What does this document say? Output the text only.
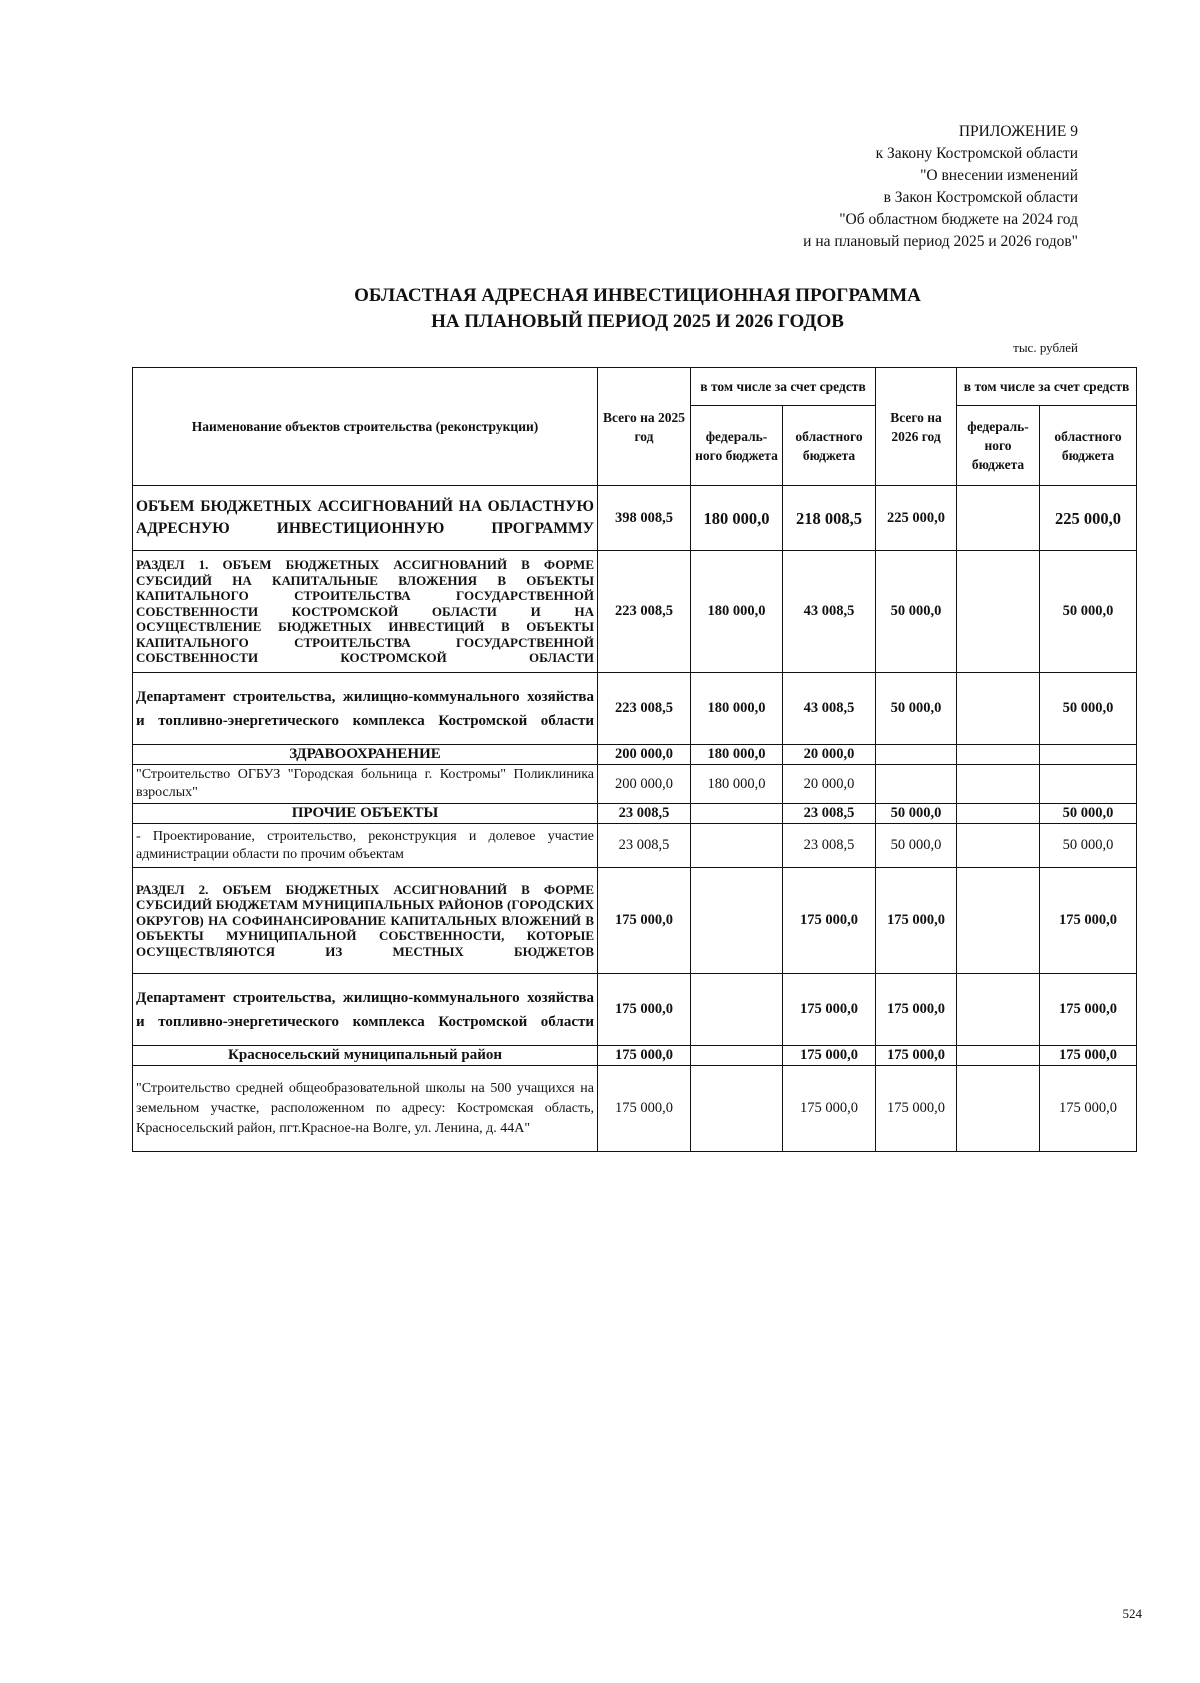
ПРИЛОЖЕНИЕ 9
к Закону Костромской области
"О внесении изменений
в Закон Костромской области
"Об областном бюджете на 2024 год
и на плановый период 2025 и 2026 годов"
ОБЛАСТНАЯ АДРЕСНАЯ ИНВЕСТИЦИОННАЯ ПРОГРАММА
НА ПЛАНОВЫЙ ПЕРИОД 2025 И 2026 ГОДОВ
тыс. рублей
Наименование объектов строительства (реконструкции)	Всего на 2025 год	в том числе за счет средств		Всего на 2026 год	в том числе за счет средств	
		федераль-ного бюджета	областного бюджета		федераль-ного бюджета	областного бюджета
ОБЪЕМ БЮДЖЕТНЫХ АССИГНОВАНИЙ НА ОБЛАСТНУЮ АДРЕСНУЮ ИНВЕСТИЦИОННУЮ ПРОГРАММУ	398 008,5	180 000,0	218 008,5	225 000,0		225 000,0
РАЗДЕЛ 1. ОБЪЕМ БЮДЖЕТНЫХ АССИГНОВАНИЙ В ФОРМЕ СУБСИДИЙ НА КАПИТАЛЬНЫЕ ВЛОЖЕНИЯ В ОБЪЕКТЫ КАПИТАЛЬНОГО СТРОИТЕЛЬСТВА ГОСУДАРСТВЕННОЙ СОБСТВЕННОСТИ КОСТРОМСКОЙ ОБЛАСТИ И НА ОСУЩЕСТВЛЕНИЕ БЮДЖЕТНЫХ ИНВЕСТИЦИЙ В ОБЪЕКТЫ КАПИТАЛЬНОГО СТРОИТЕЛЬСТВА ГОСУДАРСТВЕННОЙ СОБСТВЕННОСТИ КОСТРОМСКОЙ ОБЛАСТИ	223 008,5	180 000,0	43 008,5	50 000,0		50 000,0
Департамент строительства, жилищно-коммунального хозяйства и топливно-энергетического комплекса Костромской области	223 008,5	180 000,0	43 008,5	50 000,0		50 000,0
ЗДРАВООХРАНЕНИЕ	200 000,0	180 000,0	20 000,0			
"Строительство ОГБУЗ "Городская больница г. Костромы" Поликлиника взрослых"	200 000,0	180 000,0	20 000,0			
ПРОЧИЕ ОБЪЕКТЫ	23 008,5		23 008,5	50 000,0		50 000,0
- Проектирование, строительство, реконструкция и долевое участие администрации области по прочим объектам	23 008,5		23 008,5	50 000,0		50 000,0
РАЗДЕЛ 2. ОБЪЕМ БЮДЖЕТНЫХ АССИГНОВАНИЙ В ФОРМЕ СУБСИДИЙ БЮДЖЕТАМ МУНИЦИПАЛЬНЫХ РАЙОНОВ (ГОРОДСКИХ ОКРУГОВ) НА СОФИНАНСИРОВАНИЕ КАПИТАЛЬНЫХ ВЛОЖЕНИЙ В ОБЪЕКТЫ МУНИЦИПАЛЬНОЙ СОБСТВЕННОСТИ, КОТОРЫЕ ОСУЩЕСТВЛЯЮТСЯ ИЗ МЕСТНЫХ БЮДЖЕТОВ	175 000,0		175 000,0	175 000,0		175 000,0
Департамент строительства, жилищно-коммунального хозяйства и топливно-энергетического комплекса Костромской области	175 000,0		175 000,0	175 000,0		175 000,0
Красносельский муниципальный район	175 000,0		175 000,0	175 000,0		175 000,0
"Строительство средней общеобразовательной школы на 500 учащихся на земельном участке, расположенном по адресу: Костромская область, Красносельский район, пгт.Красное-на Волге, ул. Ленина, д. 44А"	175 000,0		175 000,0	175 000,0		175 000,0
524
